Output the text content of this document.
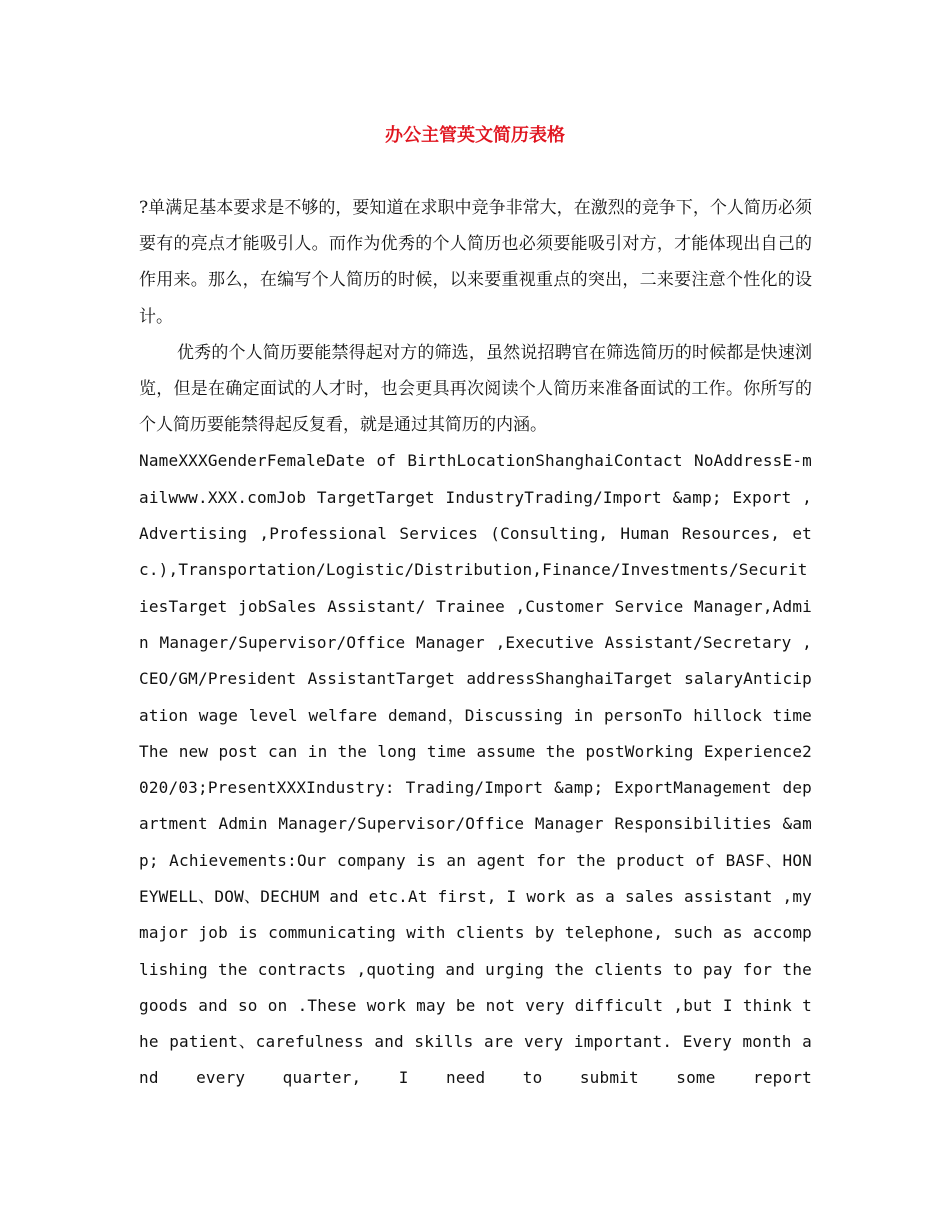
办公主管英文简历表格

?单满足基本要求是不够的，要知道在求职中竞争非常大，在激烈的竞争下，个人简历必须要有的亮点才能吸引人。而作为优秀的个人简历也必须要能吸引对方，才能体现出自己的作用来。那么，在编写个人简历的时候，以来要重视重点的突出，二来要注意个性化的设计。

优秀的个人简历要能禁得起对方的筛选，虽然说招聘官在筛选简历的时候都是快速浏览，但是在确定面试的人才时，也会更具再次阅读个人简历来准备面试的工作。你所写的个人简历要能禁得起反复看，就是通过其简历的内涵。

NameXXXGenderFemaleDate of BirthLocationShanghaiContact NoAddressE-mailwww.XXX.comJob TargetTarget IndustryTrading/Import &amp; Export ,Advertising ,Professional Services (Consulting, Human Resources, etc.),Transportation/Logistic/Distribution,Finance/Investments/SecuritiesTarget jobSales Assistant/ Trainee ,Customer Service Manager,Admin Manager/Supervisor/Office Manager ,Executive Assistant/Secretary ,CEO/GM/President AssistantTarget addressShanghaiTarget salaryAnticipation wage level welfare demand，Discussing in personTo hillock timeThe new post can in the long time assume the postWorking Experience2020/03;PresentXXXIndustry: Trading/Import &amp; ExportManagement department Admin Manager/Supervisor/Office Manager Responsibilities &amp; Achievements:Our company is an agent for the product of BASF、HONEYWELL、DOW、DECHUM and etc.At first, I work as a sales assistant ,my major job is communicating with clients by telephone, such as accomplishing the contracts ,quoting and urging the clients to pay for the goods and so on .These work may be not very difficult ,but I think the patient、carefulness and skills are very important. Every month and every quarter, I need to submit some report
